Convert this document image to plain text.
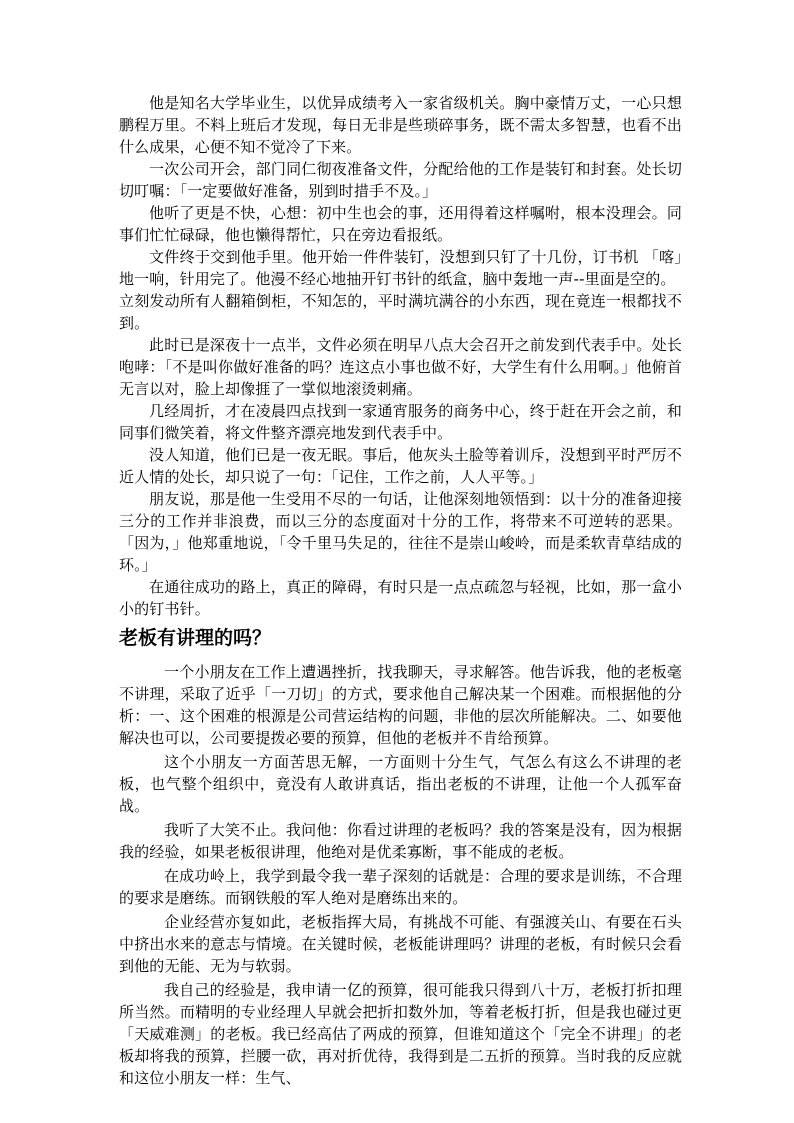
他是知名大学毕业生，以优异成绩考入一家省级机关。胸中豪情万丈，一心只想鹏程万里。不料上班后才发现，每日无非是些琐碎事务，既不需太多智慧，也看不出什么成果，心便不知不觉冷了下来。

一次公司开会，部门同仁彻夜准备文件，分配给他的工作是装钉和封套。处长切切叮嘱：「一定要做好准备，别到时措手不及。」

他听了更是不快，心想：初中生也会的事，还用得着这样嘱咐，根本没理会。同事们忙忙碌碌，他也懒得帮忙，只在旁边看报纸。

文件终于交到他手里。他开始一件件装钉，没想到只钉了十几份，订书机 「喀」地一响，针用完了。他漫不经心地抽开钉书针的纸盒，脑中轰地一声--里面是空的。

立刻发动所有人翻箱倒柜，不知怎的，平时满坑满谷的小东西，现在竟连一根都找不到。

此时已是深夜十一点半，文件必须在明早八点大会召开之前发到代表手中。处长咆哮：「不是叫你做好准备的吗？连这点小事也做不好，大学生有什么用啊。」他俯首无言以对，脸上却像捱了一掌似地滚烫刺痛。

几经周折，才在凌晨四点找到一家通宵服务的商务中心，终于赶在开会之前，和同事们微笑着，将文件整齐漂亮地发到代表手中。

没人知道，他们已是一夜无眠。事后，他灰头土脸等着训斥，没想到平时严厉不近人情的处长，却只说了一句：「记住，工作之前，人人平等。」

朋友说，那是他一生受用不尽的一句话，让他深刻地领悟到：以十分的准备迎接三分的工作并非浪费，而以三分的态度面对十分的工作，将带来不可逆转的恶果。「因为，」他郑重地说，「令千里马失足的，往往不是崇山峻岭，而是柔软青草结成的环。」

在通往成功的路上，真正的障碍，有时只是一点点疏忽与轻视，比如，那一盒小小的钉书针。

老板有讲理的吗？

一个小朋友在工作上遭遇挫折，找我聊天，寻求解答。他告诉我，他的老板毫不讲理，采取了近乎「一刀切」的方式，要求他自己解决某一个困难。而根据他的分析：一、这个困难的根源是公司营运结构的问题，非他的层次所能解决。二、如要他解决也可以，公司要提拨必要的预算，但他的老板并不肯给预算。

这个小朋友一方面苦思无解，一方面则十分生气，气怎么有这么不讲理的老板，也气整个组织中，竟没有人敢讲真话，指出老板的不讲理，让他一个人孤军奋战。

我听了大笑不止。我问他：你看过讲理的老板吗？我的答案是没有，因为根据我的经验，如果老板很讲理，他绝对是优柔寡断，事不能成的老板。

在成功岭上，我学到最令我一辈子深刻的话就是：合理的要求是训练，不合理的要求是磨练。而钢铁般的军人绝对是磨练出来的。

企业经营亦复如此，老板指挥大局，有挑战不可能、有强渡关山、有要在石头中挤出水来的意志与情境。在关键时候，老板能讲理吗？讲理的老板，有时候只会看到他的无能、无为与软弱。

我自己的经验是，我申请一亿的预算，很可能我只得到八十万，老板打折扣理所当然。而精明的专业经理人早就会把折扣数外加，等着老板打折，但是我也碰过更「天威难测」的老板。我已经高估了两成的预算，但谁知道这个「完全不讲理」的老板却将我的预算，拦腰一砍，再对折优待，我得到是二五折的预算。当时我的反应就和这位小朋友一样：生气、
